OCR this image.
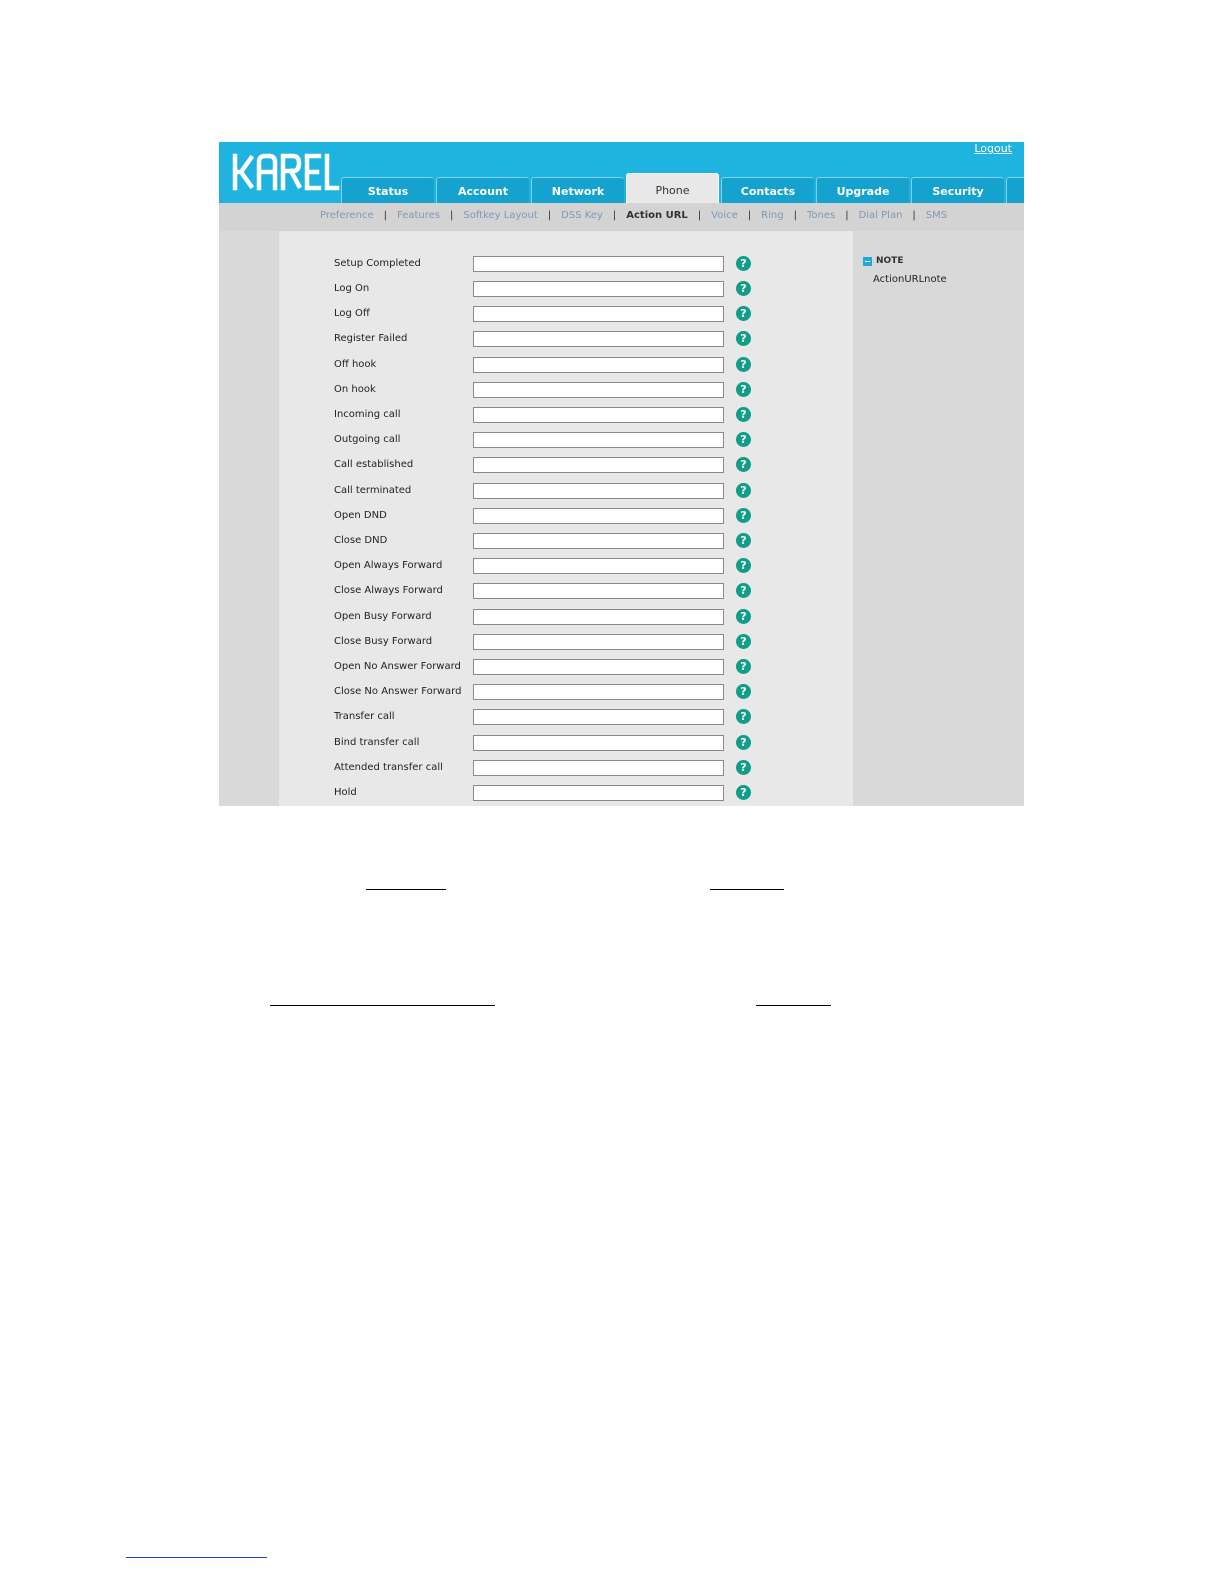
Logout
Status	Account	Network	Phone	Contacts	Upgrade	Security
Preference | Features | Softkey Layout | DSS Key | Action URL | Voice | Ring | Tones | Dial Plan | SMS
Setup Completed	?
Log On	?
Log Off	?
Register Failed	?
Off hook	?
On hook	?
Incoming call	?
Outgoing call	?
Call established	?
Call terminated	?
Open DND	?
Close DND	?
Open Always Forward	?
Close Always Forward	?
Open Busy Forward	?
Close Busy Forward	?
Open No Answer Forward	?
Close No Answer Forward	?
Transfer call	?
Bind transfer call	?
Attended transfer call	?
Hold	?
NOTE
ActionURLnote
